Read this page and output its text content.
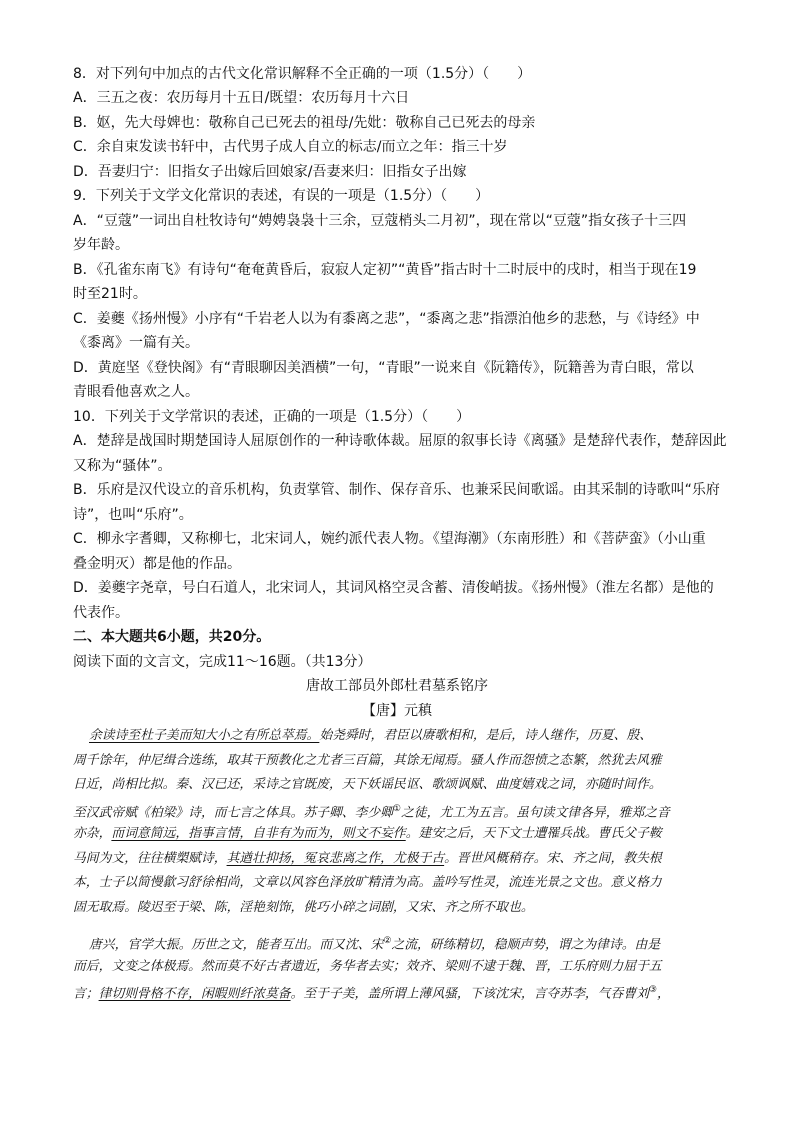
8．对下列句中加点的古代文化常识解释不全正确的一项（1.5分）（　　）
A．三五之夜：农历每月十五日/既望：农历每月十六日
B．妪，先大母婢也：敬称自己已死去的祖母/先妣：敬称自己已死去的母亲
C．余自束发读书轩中，古代男子成人自立的标志/而立之年：指三十岁
D．吾妻归宁：旧指女子出嫁后回娘家/吾妻来归：旧指女子出嫁
9．下列关于文学文化常识的表述，有误的一项是（1.5分）（　　）
A．“豆蔻”一词出自杜牧诗句“娉娉袅袅十三余，豆蔻梢头二月初”，现在常以“豆蔻”指女孩子十三四
岁年龄。
B．《孔雀东南飞》有诗句“奄奄黄昏后，寂寂人定初”“黄昏”指古时十二时辰中的戌时，相当于现在19
时至21时。
C．姜夔《扬州慢》小序有“千岩老人以为有黍离之悲”，“黍离之悲”指漂泊他乡的悲愁，与《诗经》中
《黍离》一篇有关。
D．黄庭坚《登快阁》有“青眼聊因美酒横”一句，“青眼”一说来自《阮籍传》，阮籍善为青白眼，常以
青眼看他喜欢之人。
10．下列关于文学常识的表述，正确的一项是（1.5分）（　　）
A．楚辞是战国时期楚国诗人屈原创作的一种诗歌体裁。屈原的叙事长诗《离骚》是楚辞代表作，楚辞因此
又称为“骚体”。
B．乐府是汉代设立的音乐机构，负责掌管、制作、保存音乐、也兼采民间歌谣。由其采制的诗歌叫“乐府
诗”，也叫“乐府”。
C．柳永字耆卿，又称柳七，北宋词人，婉约派代表人物。《望海潮》（东南形胜）和《菩萨蛮》（小山重
叠金明灭）都是他的作品。
D．姜夔字尧章，号白石道人，北宋词人，其词风格空灵含蓄、清俊峭拔。《扬州慢》（淮左名都）是他的
代表作。
二、本大题共6小题，共20分。
阅读下面的文言文，完成11～16题。（共13分）
唐故工部员外郎杜君墓系铭序
【唐】元稹
余读诗至杜子美而知大小之有所总萃焉。始尧舜时，君臣以赓歌相和，是后，诗人继作，历夏、殷、
周千馀年，仲尼缉合选练，取其干预教化之尤者三百篇，其馀无闻焉。骚人作而怨愤之态繁，然犹去风雅
日近，尚相比拟。秦、汉已还，采诗之官既废，天下妖谣民讴、歌颂讽赋、曲度嬉戏之词，亦随时间作。
至汉武帝赋《柏梁》诗，而七言之体具。苏子卿、李少卿①之徒，尤工为五言。虽句读文律各异，雅郑之音
亦杂，而词意简远，指事言情，自非有为而为，则文不妄作。建安之后，天下文士遭罹兵战。曹氏父子鞍
马间为文，往往横槊赋诗，其遒壮抑扬，冤哀悲离之作，尤极于古。晋世风概稍存。宋、齐之间，教失根
本，士子以简慢歙习舒徐相尚，文章以风容色泽放旷精清为高。盖吟写性灵，流连光景之文也。意义格力
固无取焉。陵迟至于梁、陈，淫艳刻饰，佻巧小碎之词剧，又宋、齐之所不取也。
唐兴，官学大振。历世之文，能者互出。而又沈、宋②之流，研练精切，稳顺声势，谓之为律诗。由是
而后，文变之体极焉。然而莫不好古者遗近，务华者去实；效齐、梁则不逮于魏、晋，工乐府则力屈于五
言；律切则骨格不存，闲暇则纤浓莫备。至于子美，盖所谓上薄风骚，下该沈宋，言夺苏李，气吞曹刘③，
